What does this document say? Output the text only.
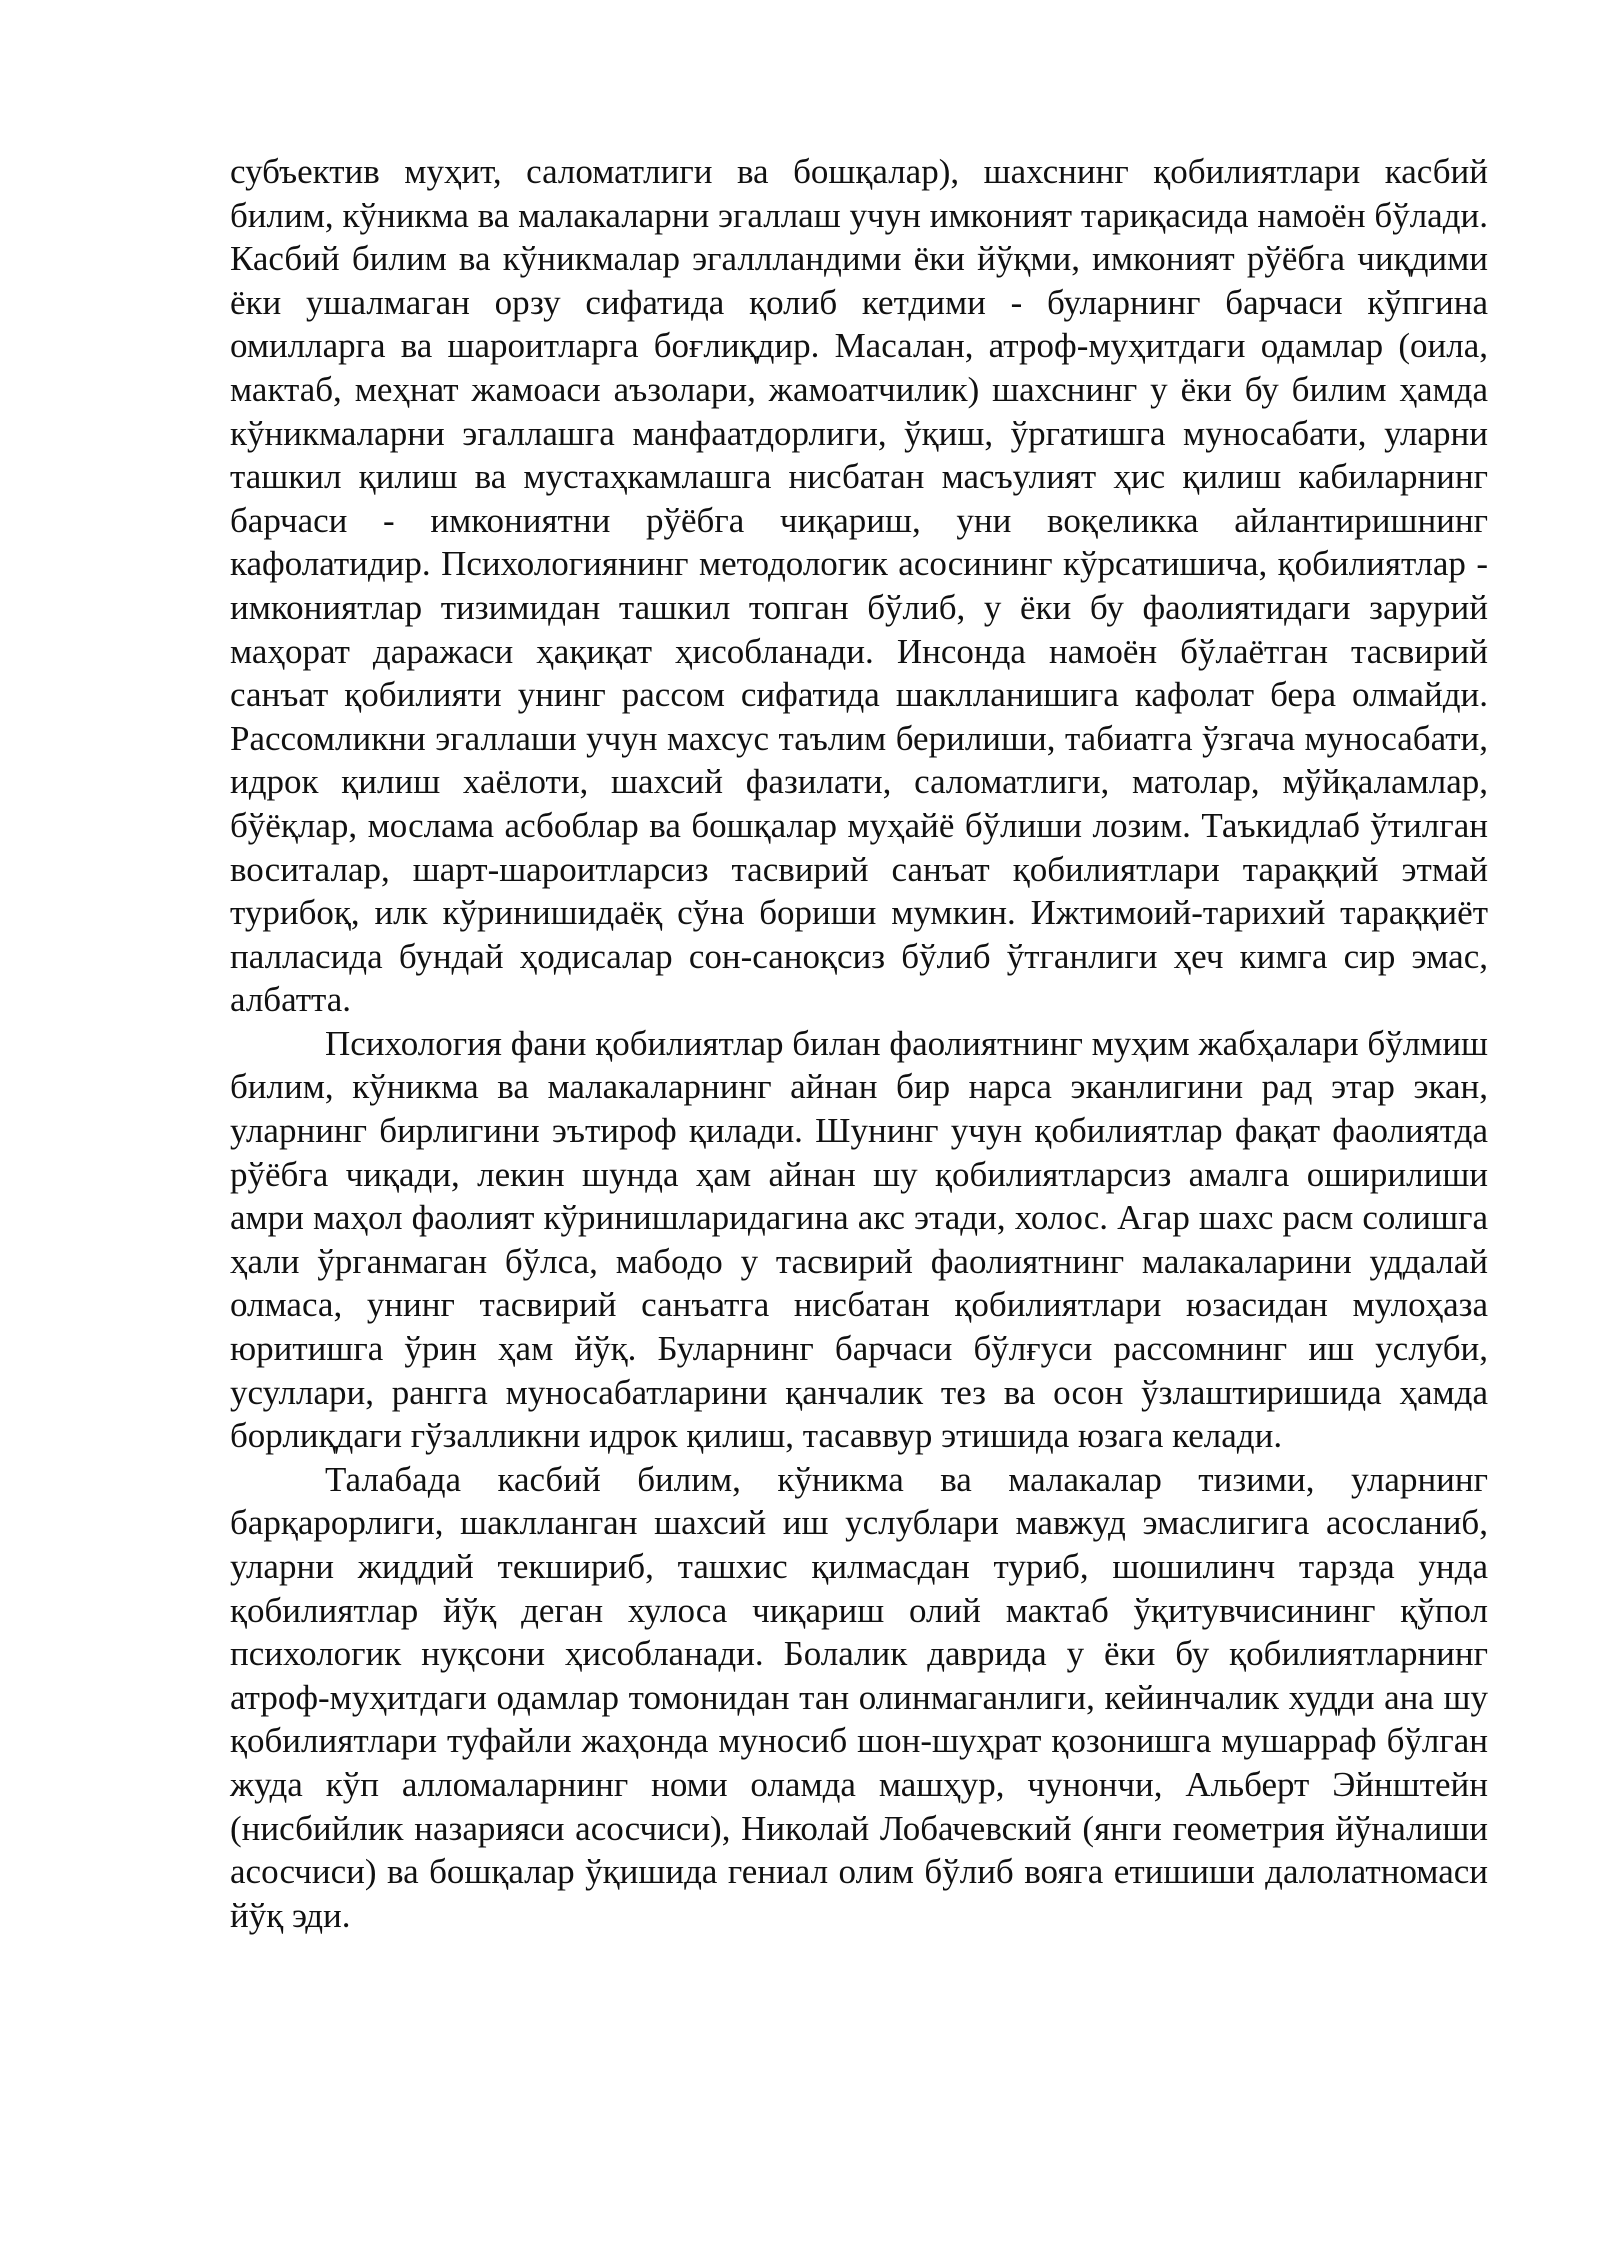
субъектив муҳит, саломатлиги ва бошқалар), шахснинг қобилиятлари касбий билим, кўникма ва малакаларни эгаллаш учун имконият тариқасида намоён бўлади. Касбий билим ва кўникмалар эгаллландими ёки йўқми, имконият рўёбга чиқдими ёки ушалмаган орзу сифатида қолиб кетдими - буларнинг барчаси кўпгина омилларга ва шароитларга боғлиқдир. Масалан, атроф-муҳитдаги одамлар (оила, мактаб, меҳнат жамоаси аъзолари, жамоатчилик) шахснинг у ёки бу билим ҳамда кўникмаларни эгаллашга манфаатдорлиги, ўқиш, ўргатишга муносабати, уларни ташкил қилиш ва мустаҳкамлашга нисбатан масъулият ҳис қилиш кабиларнинг барчаси - имкониятни рўёбга чиқариш, уни воқеликка айлантиришнинг кафолатидир. Психологиянинг методологик асосининг кўрсатишича, қобилиятлар - имкониятлар тизимидан ташкил топган бўлиб, у ёки бу фаолиятидаги зарурий маҳорат даражаси ҳақиқат ҳисобланади. Инсонда намоён бўлаётган тасвирий санъат қобилияти унинг рассом сифатида шаклланишига кафолат бера олмайди. Рассомликни эгаллаши учун махсус таълим берилиши, табиатга ўзгача муносабати, идрок қилиш хаёлоти, шахсий фазилати, саломатлиги, матолар, мўйқаламлар, бўёқлар, мослама асбоблар ва бошқалар муҳайё бўлиши лозим. Таъкидлаб ўтилган воситалар, шарт-шароитларсиз тасвирий санъат қобилиятлари тараққий этмай турибоқ, илк кўринишидаёқ сўна бориши мумкин. Ижтимоий-тарихий тараққиёт палласида бундай ҳодисалар сон-саноқсиз бўлиб ўтганлиги ҳеч кимга сир эмас, албатта.

Психология фани қобилиятлар билан фаолиятнинг муҳим жабҳалари бўлмиш билим, кўникма ва малакаларнинг айнан бир нарса эканлигини рад этар экан, уларнинг бирлигини эътироф қилади. Шунинг учун қобилиятлар фақат фаолиятда рўёбга чиқади, лекин шунда ҳам айнан шу қобилиятларсиз амалга оширилиши амри маҳол фаолият кўринишларидагина акс этади, холос. Агар шахс расм солишга ҳали ўрганмаган бўлса, мабодо у тасвирий фаолиятнинг малакаларини уддалай олмаса, унинг тасвирий санъатга нисбатан қобилиятлари юзасидан мулоҳаза юритишга ўрин ҳам йўқ. Буларнинг барчаси бўлғуси рассомнинг иш услуби, усуллари, рангга муносабатларини қанчалик тез ва осон ўзлаштиришида ҳамда борлиқдаги гўзалликни идрок қилиш, тасаввур этишида юзага келади.

Талабада касбий билим, кўникма ва малакалар тизими, уларнинг барқарорлиги, шаклланган шахсий иш услублари мавжуд эмаслигига асосланиб, уларни жиддий текшириб, ташхис қилмасдан туриб, шошилинч тарзда унда қобилиятлар йўқ деган хулоса чиқариш олий мактаб ўқитувчисининг қўпол психологик нуқсони ҳисобланади. Болалик даврида у ёки бу қобилиятларнинг атроф-муҳитдаги одамлар томонидан тан олинмаганлиги, кейинчалик худди ана шу қобилиятлари туфайли жаҳонда муносиб шон-шуҳрат қозонишга мушарраф бўлган жуда кўп алломаларнинг номи оламда машҳур, чунончи, Альберт Эйнштейн (нисбийлик назарияси асосчиси), Николай Лобачевский (янги геометрия йўналиши асосчиси) ва бошқалар ўқишида гениал олим бўлиб вояга етишиши далолатномаси йўқ эди.
